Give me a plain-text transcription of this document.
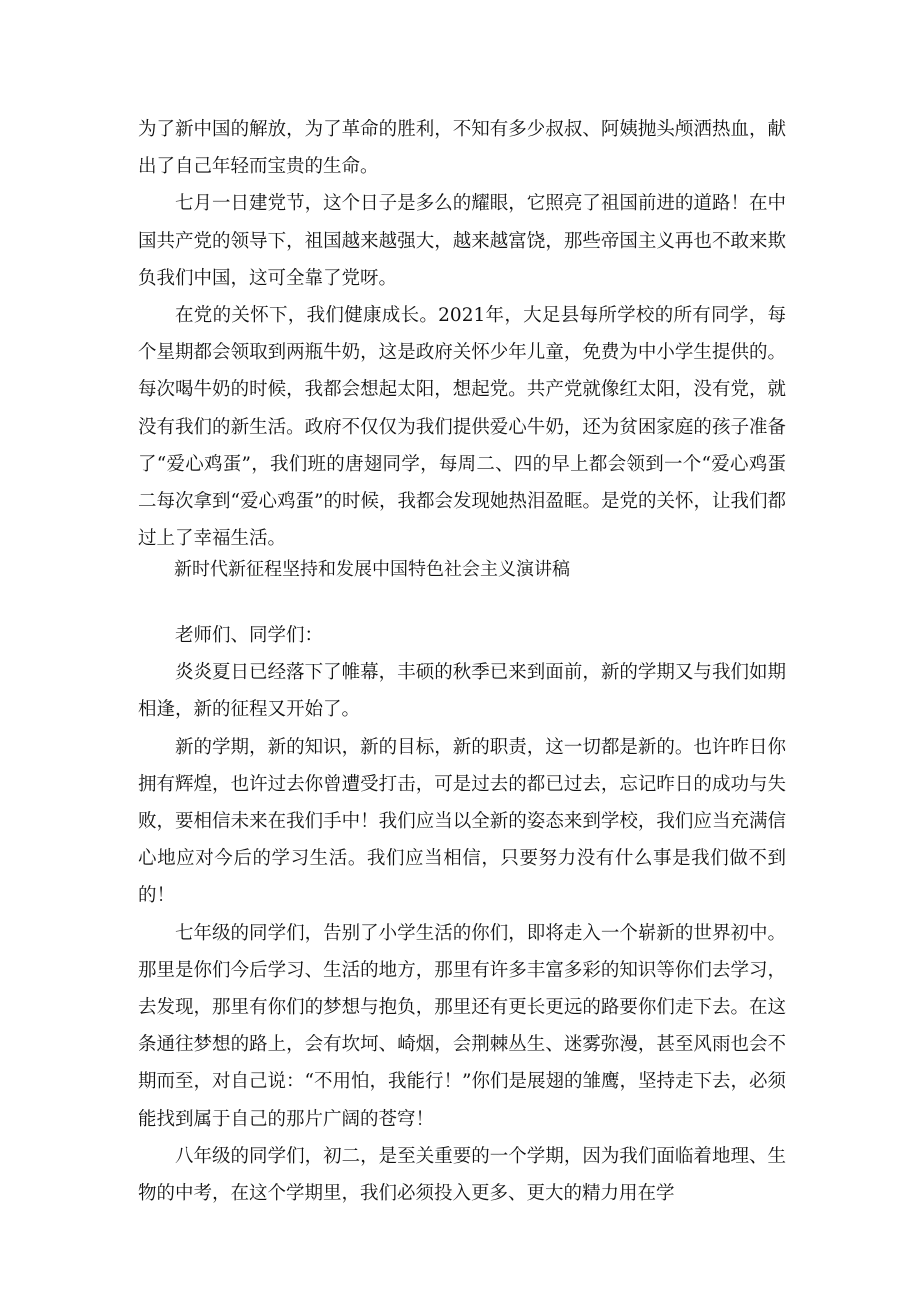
为了新中国的解放，为了革命的胜利，不知有多少叔叔、阿姨抛头颅洒热血，献出了自己年轻而宝贵的生命。

七月一日建党节，这个日子是多么的耀眼，它照亮了祖国前进的道路！在中国共产党的领导下，祖国越来越强大，越来越富饶，那些帝国主义再也不敢来欺负我们中国，这可全靠了党呀。

在党的关怀下，我们健康成长。2021年，大足县每所学校的所有同学，每个星期都会领取到两瓶牛奶，这是政府关怀少年儿童，免费为中小学生提供的。每次喝牛奶的时候，我都会想起太阳，想起党。共产党就像红太阳，没有党，就没有我们的新生活。政府不仅仅为我们提供爱心牛奶，还为贫困家庭的孩子准备了“爱心鸡蛋”，我们班的唐翅同学，每周二、四的早上都会领到一个“爱心鸡蛋二每次拿到“爱心鸡蛋”的时候，我都会发现她热泪盈眶。是党的关怀，让我们都过上了幸福生活。

新时代新征程坚持和发展中国特色社会主义演讲稿

老师们、同学们：

炎炎夏日已经落下了帷幕，丰硕的秋季已来到面前，新的学期又与我们如期相逢，新的征程又开始了。

新的学期，新的知识，新的目标，新的职责，这一切都是新的。也许昨日你拥有辉煌，也许过去你曾遭受打击，可是过去的都已过去，忘记昨日的成功与失败，要相信未来在我们手中！我们应当以全新的姿态来到学校，我们应当充满信心地应对今后的学习生活。我们应当相信，只要努力没有什么事是我们做不到的！

七年级的同学们，告别了小学生活的你们，即将走入一个崭新的世界初中。那里是你们今后学习、生活的地方，那里有许多丰富多彩的知识等你们去学习，去发现，那里有你们的梦想与抱负，那里还有更长更远的路要你们走下去。在这条通往梦想的路上，会有坎坷、崎烟，会荆棘丛生、迷雾弥漫，甚至风雨也会不期而至，对自己说：“不用怕，我能行！”你们是展翅的雏鹰，坚持走下去，必须能找到属于自己的那片广阔的苍穹！

八年级的同学们，初二，是至关重要的一个学期，因为我们面临着地理、生物的中考，在这个学期里，我们必须投入更多、更大的精力用在学
